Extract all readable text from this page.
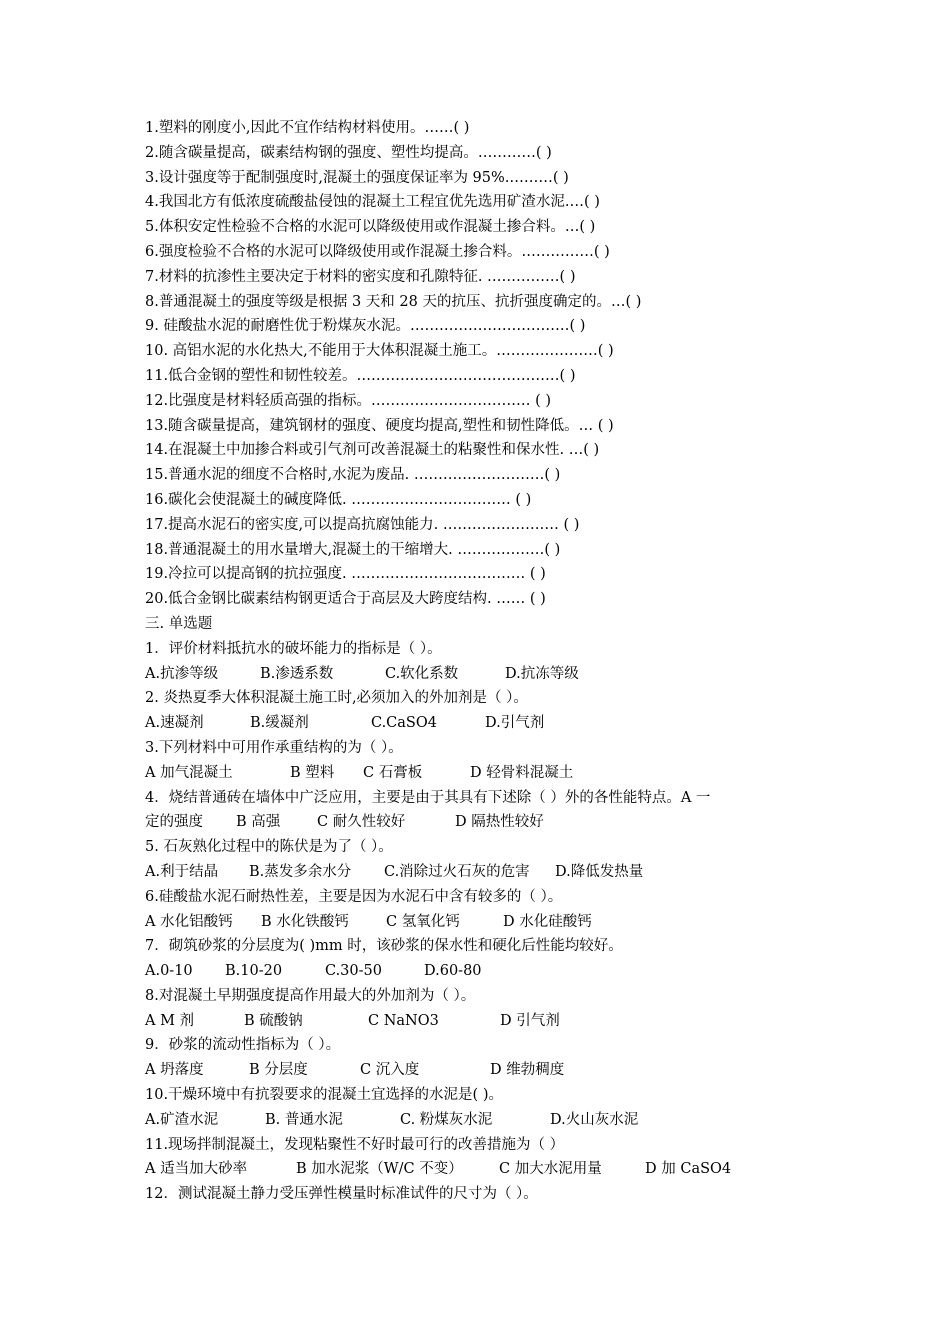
1.塑料的刚度小,因此不宜作结构材料使用。……( )
2.随含碳量提高，碳素结构钢的强度、塑性均提高。…………( )
3.设计强度等于配制强度时,混凝土的强度保证率为 95%.………( )
4.我国北方有低浓度硫酸盐侵蚀的混凝土工程宜优先选用矿渣水泥.…( )
5.体积安定性检验不合格的水泥可以降级使用或作混凝土掺合料。…( )
6.强度检验不合格的水泥可以降级使用或作混凝土掺合料。……………( )
7.材料的抗渗性主要决定于材料的密实度和孔隙特征. ……………( )
8.普通混凝土的强度等级是根据 3 天和 28 天的抗压、抗折强度确定的。…( )
9. 硅酸盐水泥的耐磨性优于粉煤灰水泥。……………………………( )
10. 高铝水泥的水化热大,不能用于大体积混凝土施工。…………………( )
11.低合金钢的塑性和韧性较差。……………………………………( )
12.比强度是材料轻质高强的指标。…………………………… ( )
13.随含碳量提高，建筑钢材的强度、硬度均提高,塑性和韧性降低。… ( )
14.在混凝土中加掺合料或引气剂可改善混凝土的粘聚性和保水性. …( )
15.普通水泥的细度不合格时,水泥为废品. ………………………( )
16.碳化会使混凝土的碱度降低. …………………………… ( )
17.提高水泥石的密实度,可以提高抗腐蚀能力. …………………… ( )
18.普通混凝土的用水量增大,混凝土的干缩增大. ………………( )
19.冷拉可以提高钢的抗拉强度. ……………………………… ( )
20.低合金钢比碳素结构钢更适合于高层及大跨度结构. …… ( )
三. 单选题
1．评价材料抵抗水的破坏能力的指标是（ ）。
A.抗渗等级	B.渗透系数	C.软化系数	D.抗冻等级
2. 炎热夏季大体积混凝土施工时,必须加入的外加剂是（ ）。
A.速凝剂	B.缓凝剂	C.CaSO4	D.引气剂
3.下列材料中可用作承重结构的为（ ）。
A 加气混凝土	B 塑料 C 石膏板	D 轻骨料混凝土
4．烧结普通砖在墙体中广泛应用，主要是由于其具有下述除（ ）外的各性能特点。A 一
定的强度 B 高强	C 耐久性较好	D 隔热性较好
5. 石灰熟化过程中的陈伏是为了（ ）。
A.利于结晶 B.蒸发多余水分 C.消除过火石灰的危害 D.降低发热量
6.硅酸盐水泥石耐热性差，主要是因为水泥石中含有较多的（ ）。
A 水化铝酸钙 B 水化铁酸钙	C 氢氧化钙	D 水化硅酸钙
7．砌筑砂浆的分层度为( )mm 时，该砂浆的保水性和硬化后性能均较好。
A.0-10 B.10-20	C.30-50	D.60-80
8.对混凝土早期强度提高作用最大的外加剂为（ ）。
A M 剂	B 硫酸钠	C NaNO3	D 引气剂
9．砂浆的流动性指标为（ ）。
A 坍落度	B 分层度	C 沉入度	D 维勃稠度
10.干燥环境中有抗裂要求的混凝土宜选择的水泥是( )。
A.矿渣水泥	B. 普通水泥	C. 粉煤灰水泥	D.火山灰水泥
11.现场拌制混凝土，发现粘聚性不好时最可行的改善措施为（ ）
A 适当加大砂率	B 加水泥浆（W/C 不变） C 加大水泥用量	D 加 CaSO4
12．测试混凝土静力受压弹性模量时标准试件的尺寸为（ ）。
